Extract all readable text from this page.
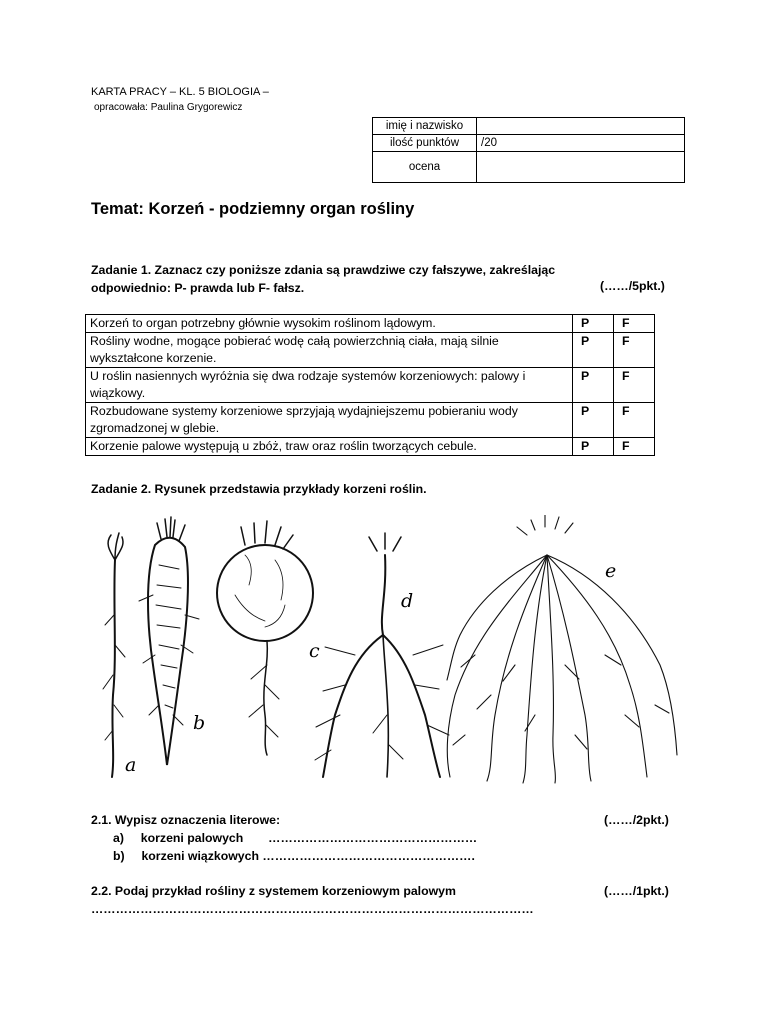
KARTA PRACY – KL. 5 BIOLOGIA –
opracowała: Paulina Grygorewicz
imię i nazwisko	
ilość punktów	/20
ocena	
Temat: Korzeń - podziemny organ rośliny
Zadanie 1. Zaznacz czy poniższe zdania są prawdziwe czy fałszywe, zakreślając
odpowiednio: P- prawda lub F- fałsz.	(……/5pkt.)
Korzeń to organ potrzebny głównie wysokim roślinom lądowym.	P	F
Rośliny wodne, mogące pobierać wodę całą powierzchnią ciała, mają silnie wykształcone korzenie.	P	F
U roślin nasiennych wyróżnia się dwa rodzaje systemów korzeniowych: palowy i wiązkowy.	P	F
Rozbudowane systemy korzeniowe sprzyjają wydajniejszemu pobieraniu wody zgromadzonej w glebie.	P	F
Korzenie palowe występują u zbóż, traw oraz roślin tworzących cebule.	P	F
Zadanie 2. Rysunek przedstawia przykłady korzeni roślin.
a
b
c
d
e
2.1. Wypisz oznaczenia literowe:	(……/2pkt.)
a) korzeni palowych ……………………………………………
b) korzeni wiązkowych …………………………………………….
2.2. Podaj przykład rośliny z systemem korzeniowym palowym	(……/1pkt.)
………………………………………………………………………………………………
